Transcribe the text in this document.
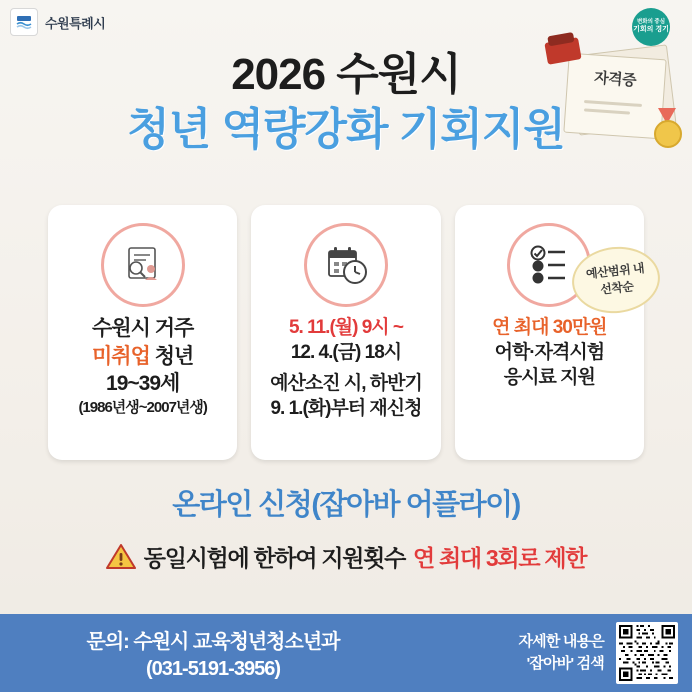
수원특례시	변화의 중심
기회의 경기
자격증
2026 수원시
청년 역량강화 기회지원
수원시 거주
미취업 청년
19~39세
(1986년생~2007년생)
5. 11.(월) 9시 ~
12. 4.(금) 18시
예산소진 시, 하반기
9. 1.(화)부터 재신청
예산범위 내
선착순
연 최대 30만원
어학·자격시험
응시료 지원
온라인 신청(잡아바 어플라이)
동일시험에 한하여 지원횟수 연 최대 3회로 제한
문의: 수원시 교육청년청소년과
(031-5191-3956)
자세한 내용은
'잡아바' 검색
